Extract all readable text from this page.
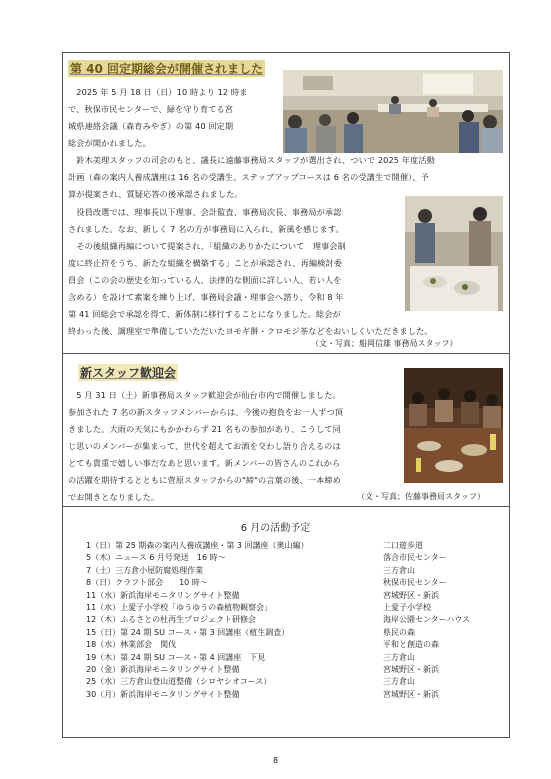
第 40 回定期総会が開催されました
　2025 年 5 月 18 日（日）10 時より 12 時ま
で、秋保市民センターで、緑を守り育てる宮
城県連絡会議（森育みやぎ）の第 40 回定期
総会が開かれました。
　鈴木美理スタッフの司会のもと、議長に遠藤事務局スタッフが選出され、ついで 2025 年度活動
計画（森の案内人養成講座は 16 名の受講生、ステップアップコースは 6 名の受講生で開催）、予
算が提案され、質疑応答の後承認されました。
　役員改選では、理事長以下理事、会計監査、事務局次長、事務局が承認
されました。なお、新しく 7 名の方が事務局に入られ、新風を感じます。
　その後組織再編について提案され、「組織のありかたについて　理事会制
度に終止符をうち、新たな組織を構築する」ことが承認され、再編検討委
員会（この会の歴史を知っている人、法律的な側面に詳しい人、若い人を
含める）を設けて素案を練り上げ、事務局会議・理事会へ諮り、令和 8 年
第 41 回総会で承認を得て、新体制に移行することになりました。総会が
終わった後、調理室で準備していただいたヨモギ餅・クロモジ茶などをおいしくいただきました。
（文・写真；船岡信雄 事務局スタッフ）
新スタッフ歓迎会
　5 月 31 日（土）新事務局スタッフ歓迎会が仙台市内で開催しました。
参加された 7 名の新スタッフメンバーからは、今後の抱負をお一人ずつ頂
きました。大雨の天気にもかかわらず 21 名もの参加があり、こうして同
じ思いのメンバーが集まって、世代を超えてお酒を交わし語り合えるのは
とても貴重で嬉しい事だなあと思います。新メンバーの皆さんのこれから
の活躍を期待するとともに菅原スタッフからの"締"の言葉の後、一本締め
でお開きとなりました。	（文・写真；佐藤事務局スタッフ）
6 月の活動予定
1（日）第 25 期森の案内人養成講座・第 3 回講座（奥山編）	二口遊歩道
5（木）ニュース 6 月号発送　16 時～	落合市民センター
7（土）三方倉小屋防腐処理作業	三方倉山
8（日）クラフト部会　　10 時～	秋保市民センター
11（水）新浜海岸モニタリングサイト整備	宮城野区・新浜
11（水）上愛子小学校「ゆうゆうの森植物観察会」	上愛子小学校
12（木）ふるさとの杜再生プロジェクト研修会	海岸公園センターハウス
15（日）第 24 期 SU コース・第 3 回講座（植生調査）	県民の森
18（水）林業部会　関伐	平和と創造の森
19（木）第 24 期 SU コース・第 4 回講座　下見	三方倉山
20（金）新浜海岸モニタリングサイト整備	宮城野区・新浜
25（水）三方倉山登山道整備（シロヤシオコース）	三方倉山
30（月）新浜海岸モニタリングサイト整備	宮城野区・新浜
8
